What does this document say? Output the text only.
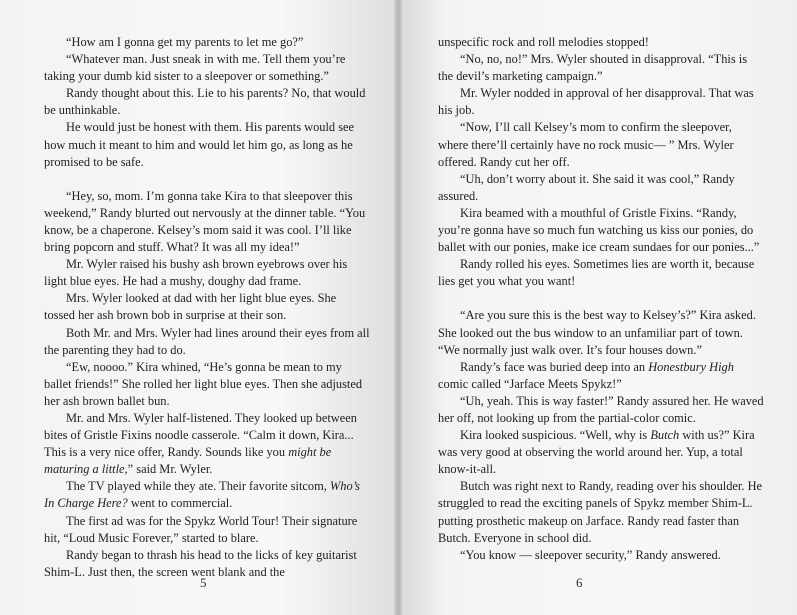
“How am I gonna get my parents to let me go?”

“Whatever man. Just sneak in with me. Tell them you’re taking your dumb kid sister to a sleepover or something.”

Randy thought about this. Lie to his parents? No, that would be unthinkable.

He would just be honest with them. His parents would see how much it meant to him and would let him go, as long as he promised to be safe.

“Hey, so, mom. I’m gonna take Kira to that sleepover this weekend,” Randy blurted out nervously at the dinner table. “You know, be a chaperone. Kelsey’s mom said it was cool. I’ll like bring popcorn and stuff. What? It was all my idea!”

Mr. Wyler raised his bushy ash brown eyebrows over his light blue eyes. He had a mushy, doughy dad frame.

Mrs. Wyler looked at dad with her light blue eyes. She tossed her ash brown bob in surprise at their son.

Both Mr. and Mrs. Wyler had lines around their eyes from all the parenting they had to do.

“Ew, noooo.” Kira whined, “He’s gonna be mean to my ballet friends!” She rolled her light blue eyes. Then she adjusted her ash brown ballet bun.

Mr. and Mrs. Wyler half-listened. They looked up between bites of Gristle Fixins noodle casserole. “Calm it down, Kira... This is a very nice offer, Randy. Sounds like you might be maturing a little,” said Mr. Wyler.

The TV played while they ate. Their favorite sitcom, Who’s In Charge Here? went to commercial.

The first ad was for the Spykz World Tour! Their signature hit, “Loud Music Forever,” started to blare.

Randy began to thrash his head to the licks of key guitarist Shim-L. Just then, the screen went blank and the

5

unspecific rock and roll melodies stopped!

“No, no, no!” Mrs. Wyler shouted in disapproval. “This is the devil’s marketing campaign.”

Mr. Wyler nodded in approval of her disapproval. That was his job.

“Now, I’ll call Kelsey’s mom to confirm the sleepover, where there’ll certainly have no rock music— ” Mrs. Wyler offered. Randy cut her off.

“Uh, don’t worry about it. She said it was cool,” Randy assured.

Kira beamed with a mouthful of Gristle Fixins. “Randy, you’re gonna have so much fun watching us kiss our ponies, do ballet with our ponies, make ice cream sundaes for our ponies...”

Randy rolled his eyes. Sometimes lies are worth it, because lies get you what you want!

“Are you sure this is the best way to Kelsey’s?” Kira asked. She looked out the bus window to an unfamiliar part of town. “We normally just walk over. It’s four houses down.”

Randy’s face was buried deep into an Honestbury High comic called “Jarface Meets Spykz!”

“Uh, yeah. This is way faster!” Randy assured her. He waved her off, not looking up from the partial-color comic.

Kira looked suspicious. “Well, why is Butch with us?” Kira was very good at observing the world around her. Yup, a total know-it-all.

Butch was right next to Randy, reading over his shoulder. He struggled to read the exciting panels of Spykz member Shim-L. putting prosthetic makeup on Jarface. Randy read faster than Butch. Everyone in school did.

“You know — sleepover security,” Randy answered.

6
